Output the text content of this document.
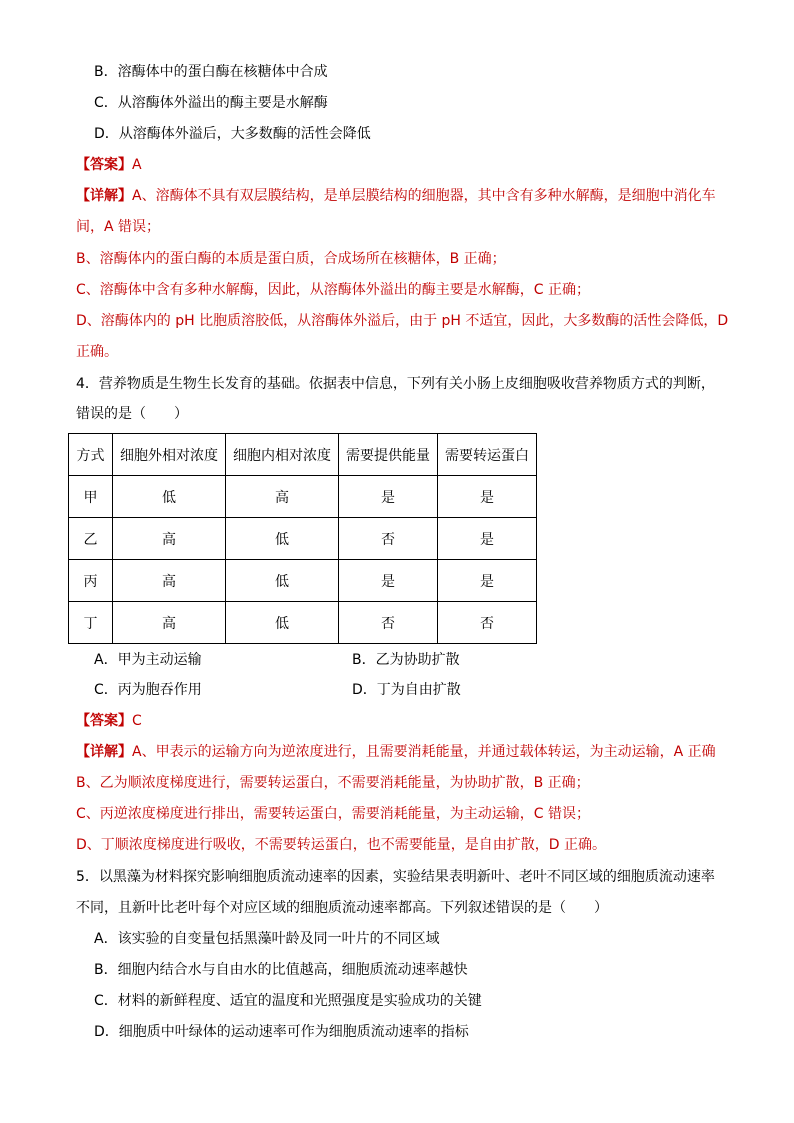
B．溶酶体中的蛋白酶在核糖体中合成
C．从溶酶体外溢出的酶主要是水解酶
D．从溶酶体外溢后，大多数酶的活性会降低
【答案】A
【详解】A、溶酶体不具有双层膜结构，是单层膜结构的细胞器，其中含有多种水解酶，是细胞中消化车
间，A 错误；
B、溶酶体内的蛋白酶的本质是蛋白质，合成场所在核糖体，B 正确；
C、溶酶体中含有多种水解酶，因此，从溶酶体外溢出的酶主要是水解酶，C 正确；
D、溶酶体内的 pH 比胞质溶胶低，从溶酶体外溢后，由于 pH 不适宜，因此，大多数酶的活性会降低，D
正确。
4．营养物质是生物生长发育的基础。依据表中信息，下列有关小肠上皮细胞吸收营养物质方式的判断，
错误的是（　　）
方式	细胞外相对浓度	细胞内相对浓度	需要提供能量	需要转运蛋白
甲	低	高	是	是
乙	高	低	否	是
丙	高	低	是	是
丁	高	低	否	否
A．甲为主动运输	B．乙为协助扩散
C．丙为胞吞作用	D．丁为自由扩散
【答案】C
【详解】A、甲表示的运输方向为逆浓度进行，且需要消耗能量，并通过载体转运，为主动运输，A 正确
B、乙为顺浓度梯度进行，需要转运蛋白，不需要消耗能量，为协助扩散，B 正确；
C、丙逆浓度梯度进行排出，需要转运蛋白，需要消耗能量，为主动运输，C 错误；
D、丁顺浓度梯度进行吸收，不需要转运蛋白，也不需要能量，是自由扩散，D 正确。
5．以黑藻为材料探究影响细胞质流动速率的因素，实验结果表明新叶、老叶不同区域的细胞质流动速率
不同，且新叶比老叶每个对应区域的细胞质流动速率都高。下列叙述错误的是（　　）
A．该实验的自变量包括黑藻叶龄及同一叶片的不同区域
B．细胞内结合水与自由水的比值越高，细胞质流动速率越快
C．材料的新鲜程度、适宜的温度和光照强度是实验成功的关键
D．细胞质中叶绿体的运动速率可作为细胞质流动速率的指标
